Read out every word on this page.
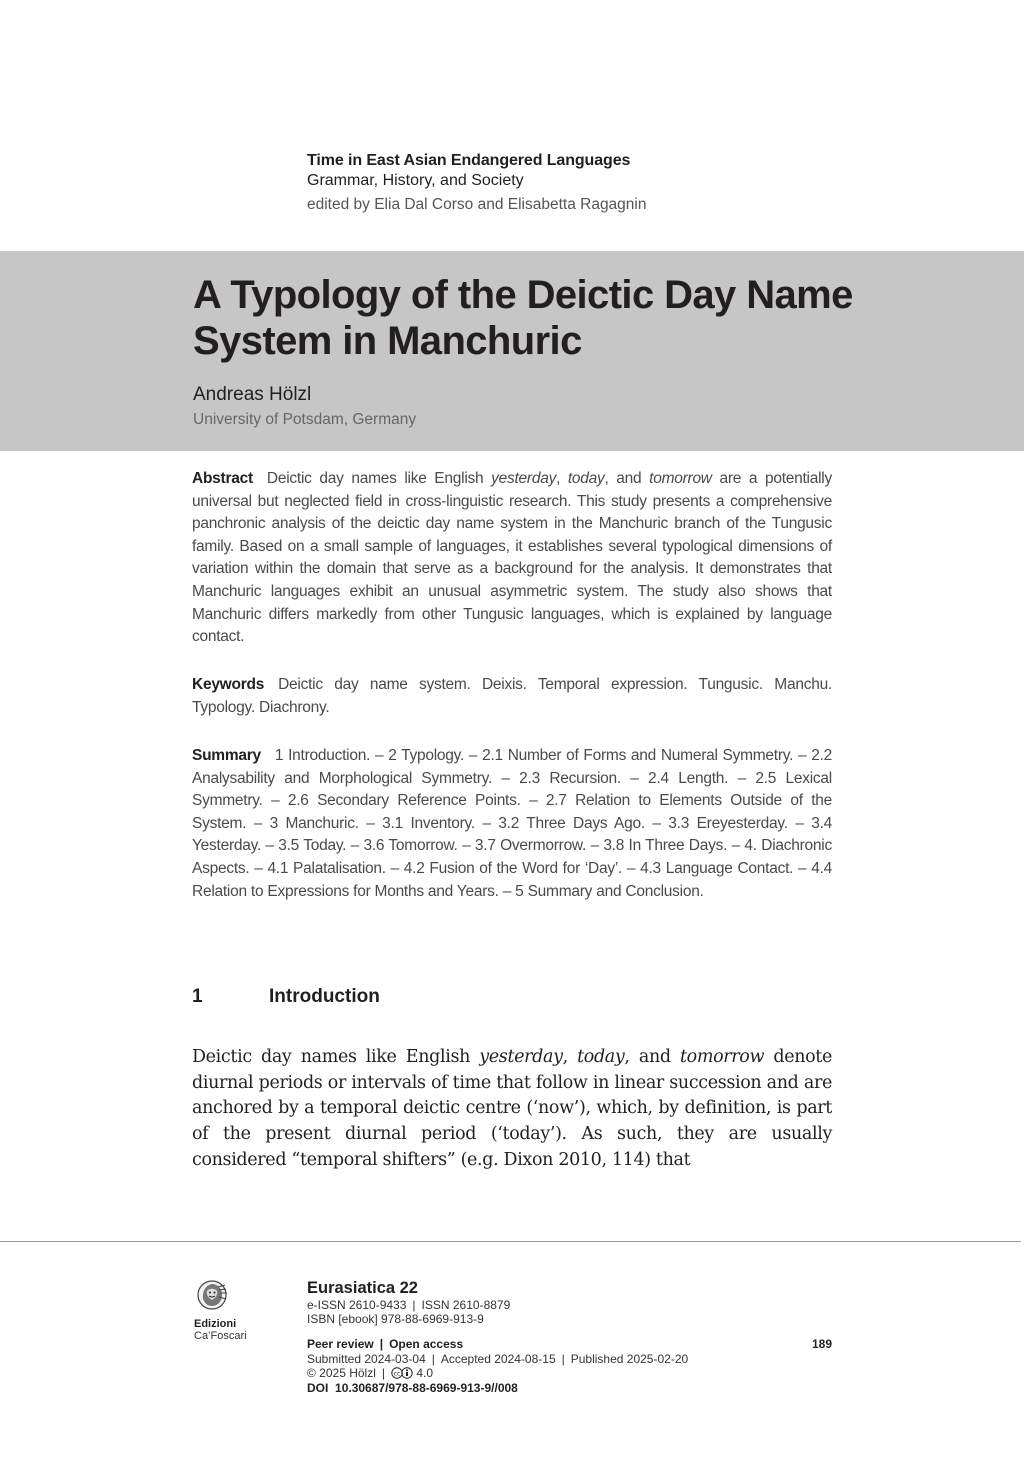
Time in East Asian Endangered Languages
Grammar, History, and Society
edited by Elia Dal Corso and Elisabetta Ragagnin
A Typology of the Deictic Day Name System in Manchuric
Andreas Hölzl
University of Potsdam, Germany
Abstract Deictic day names like English yesterday, today, and tomorrow are a potentially universal but neglected field in cross-linguistic research. This study presents a comprehensive panchronic analysis of the deictic day name system in the Manchuric branch of the Tungusic family. Based on a small sample of languages, it establishes several typological dimensions of variation within the domain that serve as a background for the analysis. It demonstrates that Manchuric languages exhibit an unusual asymmetric system. The study also shows that Manchuric differs markedly from other Tungusic languages, which is explained by language contact.
Keywords Deictic day name system. Deixis. Temporal expression. Tungusic. Manchu. Typology. Diachrony.
Summary 1 Introduction. – 2 Typology. – 2.1 Number of Forms and Numeral Symmetry. – 2.2 Analysability and Morphological Symmetry. – 2.3 Recursion. – 2.4 Length. – 2.5 Lexical Symmetry. – 2.6 Secondary Reference Points. – 2.7 Relation to Elements Outside of the System. – 3 Manchuric. – 3.1 Inventory. – 3.2 Three Days Ago. – 3.3 Ereyesterday. – 3.4 Yesterday. – 3.5 Today. – 3.6 Tomorrow. – 3.7 Overmorrow. – 3.8 In Three Days. – 4. Diachronic Aspects. – 4.1 Palatalisation. – 4.2 Fusion of the Word for ‘Day’. – 4.3 Language Contact. – 4.4 Relation to Expressions for Months and Years. – 5 Summary and Conclusion.
1	Introduction
Deictic day names like English yesterday, today, and tomorrow denote diurnal periods or intervals of time that follow in linear succession and are anchored by a temporal deictic centre (‘now’), which, by definition, is part of the present diurnal period (‘today’). As such, they are usually considered “temporal shifters” (e.g. Dixon 2010, 114) that
Edizioni
Ca’Foscari
Eurasiatica 22
e-ISSN 2610-9433 | ISSN 2610-8879
ISBN [ebook] 978-88-6969-913-9
Peer review | Open access
Submitted 2024-03-04 | Accepted 2024-08-15 | Published 2025-02-20
© 2025 Hölzl | cc 4.0
DOI 10.30687/978-88-6969-913-9//008
189
